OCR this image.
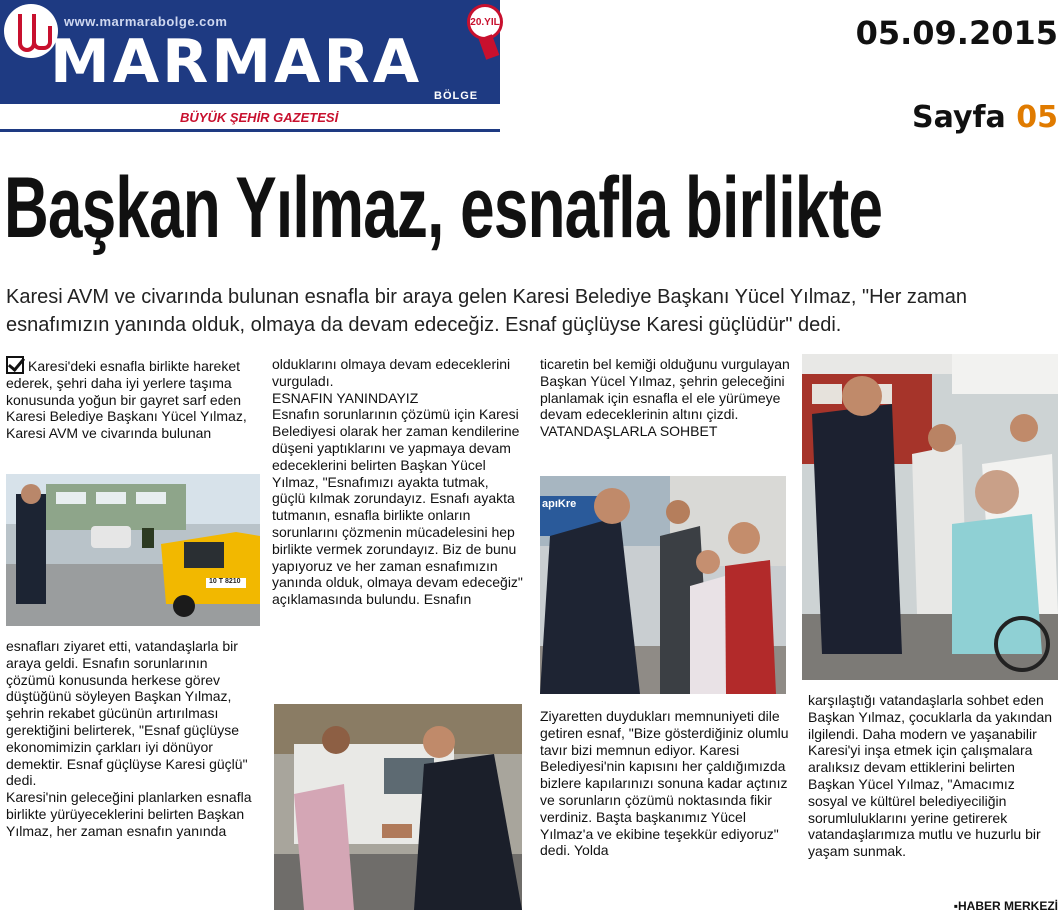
www.marmarabolge.com
MARMARA BÖLGE
20.YIL
BÜYÜK ŞEHİR GAZETESİ
05.09.2015
Sayfa 05
Başkan Yılmaz, esnafla birlikte
Karesi AVM ve civarında bulunan esnafla bir araya gelen Karesi Belediye Başkanı Yücel Yılmaz, "Her zaman esnafımızın yanında olduk, olmaya da devam edeceğiz. Esnaf güçlüyse Karesi güçlüdür" dedi.
Karesi'deki esnafla birlikte hareket ederek, şehri daha iyi yerlere taşıma konusunda yoğun bir gayret sarf eden Karesi Belediye Başkanı Yücel Yılmaz, Karesi AVM ve civarında bulunan
10 T 8210
esnafları ziyaret etti, vatandaşlarla bir araya geldi. Esnafın sorunlarının çözümü konusunda herkese görev düştüğünü söyleyen Başkan Yılmaz, şehrin rekabet gücünün artırılması gerektiğini belirterek, "Esnaf güçlüyse ekonomimizin çarkları iyi dönüyor demektir. Esnaf güçlüyse Karesi güçlü" dedi.
Karesi'nin geleceğini planlarken esnafla birlikte yürüyeceklerini belirten Başkan Yılmaz, her zaman esnafın yanında

olduklarını olmaya devam edeceklerini vurguladı.

ESNAFIN YANINDAYIZ

Esnafın sorunlarının çözümü için Karesi Belediyesi olarak her zaman kendilerine düşeni yaptıklarını ve yapmaya devam edeceklerini belirten Başkan Yücel Yılmaz, "Esnafımızı ayakta tutmak, güçlü kılmak zorundayız. Esnafı ayakta tutmanın, esnafla birlikte onların sorunlarını çözmenin mücadelesini hep birlikte vermek zorundayız. Biz de bunu yapıyoruz ve her zaman esnafımızın yanında olduk, olmaya devam edeceğiz" açıklamasında bulundu. Esnafın

ticaretin bel kemiği olduğunu vurgulayan Başkan Yücel Yılmaz, şehrin geleceğini planlamak için esnafla el ele yürümeye devam edeceklerinin altını çizdi.

VATANDAŞLARLA SOHBET

apıKre
Ziyaretten duydukları memnuniyeti dile getiren esnaf, "Bize gösterdiğiniz olumlu tavır bizi memnun ediyor. Karesi Belediyesi'nin kapısını her çaldığımızda bizlere kapılarınızı sonuna kadar açtınız ve sorunların çözümü noktasında fikir verdiniz. Başta başkanımız Yücel Yılmaz'a ve ekibine teşekkür ediyoruz" dedi. Yolda
karşılaştığı vatandaşlarla sohbet eden Başkan Yılmaz, çocuklarla da yakından ilgilendi. Daha modern ve yaşanabilir Karesi'yi inşa etmek için çalışmalara aralıksız devam ettiklerini belirten Başkan Yücel Yılmaz, "Amacımız sosyal ve kültürel belediyeciliğin sorumluluklarını yerine getirerek vatandaşlarımıza mutlu ve huzurlu bir yaşam sunmak.
▪HABER MERKEZİ
